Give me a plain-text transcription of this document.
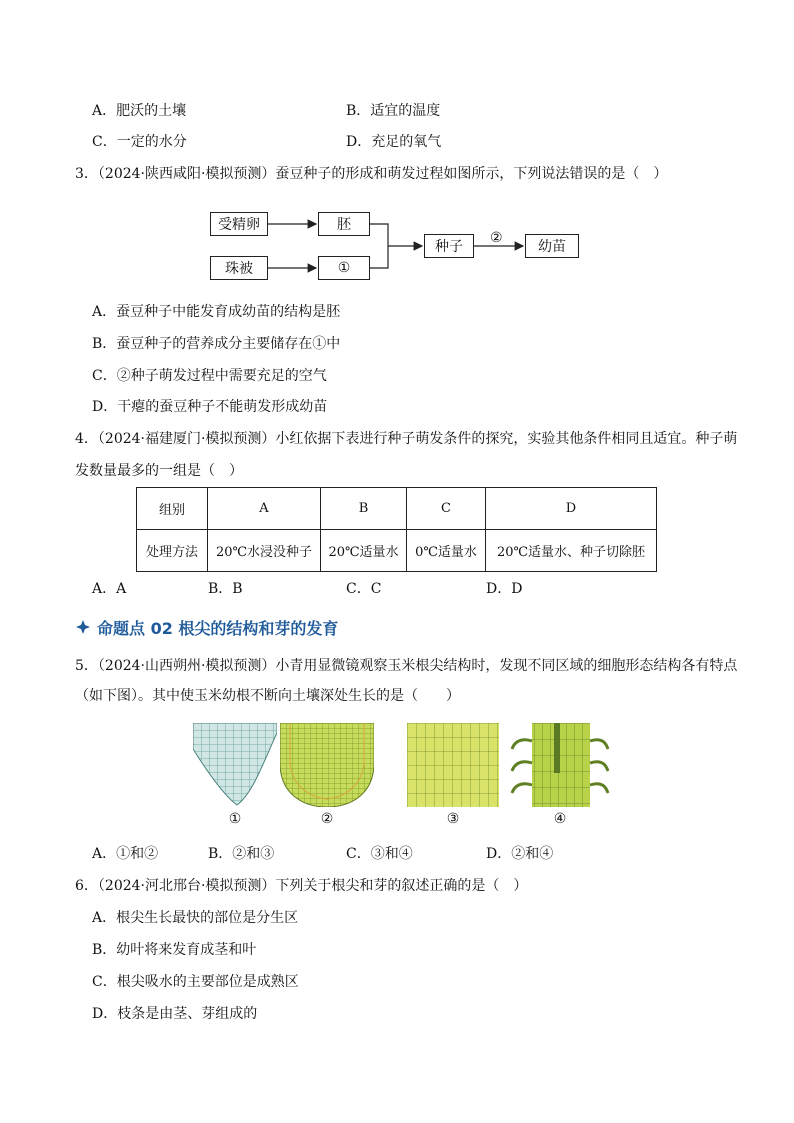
A．肥沃的土壤	B．适宜的温度
C．一定的水分	D．充足的氧气
3．（2024·陕西咸阳·模拟预测）蚕豆种子的形成和萌发过程如图所示，下列说法错误的是（　）
受精卵	胚
珠被	①
种子	幼苗
②
A．蚕豆种子中能发育成幼苗的结构是胚
B．蚕豆种子的营养成分主要储存在①中
C．②种子萌发过程中需要充足的空气
D．干瘪的蚕豆种子不能萌发形成幼苗
4．（2024·福建厦门·模拟预测）小红依据下表进行种子萌发条件的探究，实验其他条件相同且适宜。种子萌
发数量最多的一组是（　）
组别	A	B	C	D
处理方法	20℃水浸没种子	20℃适量水	0℃适量水	20℃适量水、种子切除胚
A．A	B．B	C．C	D．D
命题点 02 根尖的结构和芽的发育
5．（2024·山西朔州·模拟预测）小青用显微镜观察玉米根尖结构时，发现不同区域的细胞形态结构各有特点
（如下图）。其中使玉米幼根不断向土壤深处生长的是（　　）
①	②	③	④
A．①和②	B．②和③	C．③和④	D．②和④
6．（2024·河北邢台·模拟预测）下列关于根尖和芽的叙述正确的是（　）
A．根尖生长最快的部位是分生区
B．幼叶将来发育成茎和叶
C．根尖吸水的主要部位是成熟区
D．枝条是由茎、芽组成的
